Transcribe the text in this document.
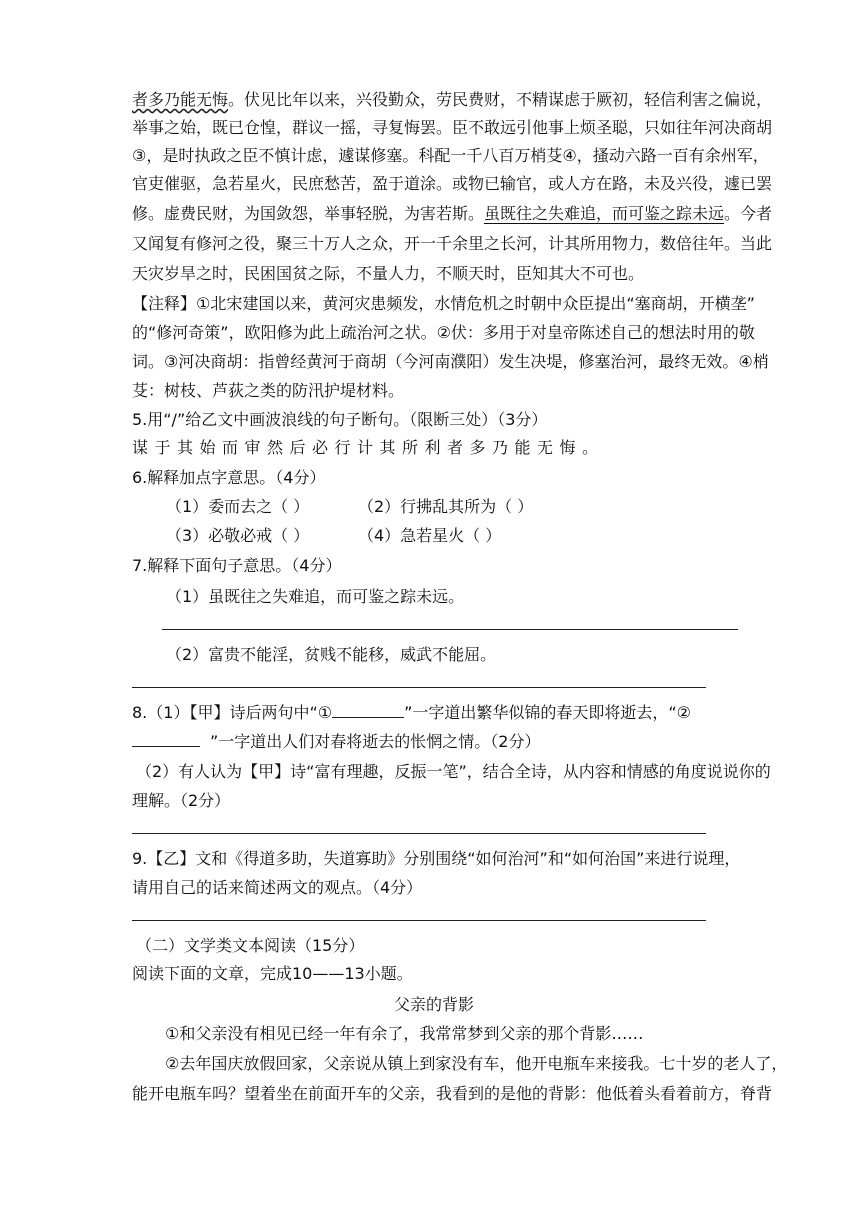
者多乃能无悔。伏见比年以来，兴役勤众，劳民费财，不精谋虑于厥初，轻信利害之偏说，
举事之始，既已仓惶，群议一摇，寻复悔罢。臣不敢远引他事上烦圣聪，只如往年河决商胡
③，是时执政之臣不慎计虑，遽谋修塞。科配一千八百万梢芟④，搔动六路一百有余州军，
官吏催驱，急若星火，民庶愁苦，盈于道涂。或物已输官，或人方在路，未及兴役，遽已罢
修。虚费民财，为国敛怨，举事轻脱，为害若斯。虽既往之失难追，而可鉴之踪未远。今者
又闻复有修河之役，聚三十万人之众，开一千余里之长河，计其所用物力，数倍往年。当此
天灾岁旱之时，民困国贫之际，不量人力，不顺天时，臣知其大不可也。
【注释】①北宋建国以来，黄河灾患频发，水情危机之时朝中众臣提出“塞商胡，开横垄”
的“修河奇策”，欧阳修为此上疏治河之状。②伏：多用于对皇帝陈述自己的想法时用的敬
词。③河决商胡：指曾经黄河于商胡（今河南濮阳）发生决堤，修塞治河，最终无效。④梢
芟：树枝、芦荻之类的防汛护堤材料。
5.用“/”给乙文中画波浪线的句子断句。（限断三处）（3分）
谋于其始而审然后必行计其所利者多乃能无悔。
6.解释加点字意思。（4分）
（1）委而去之（ ）	（2）行拂乱其所为（ ）
（3）必敬必戒（ ）	（4）急若星火（ ）
7.解释下面句子意思。（4分）
（1）虽既往之失难追，而可鉴之踪未远。
（2）富贵不能淫，贫贱不能移，威武不能屈。
8.（1）【甲】诗后两句中“①	”一字道出繁华似锦的春天即将逝去，“②
”一字道出人们对春将逝去的怅惘之情。（2分）
（2）有人认为【甲】诗“富有理趣，反振一笔”，结合全诗，从内容和情感的角度说说你的
理解。（2分）
9.【乙】文和《得道多助，失道寡助》分别围绕“如何治河”和“如何治国”来进行说理，
请用自己的话来简述两文的观点。（4分）
（二）文学类文本阅读（15分）
阅读下面的文章，完成10——13小题。
父亲的背影
①和父亲没有相见已经一年有余了，我常常梦到父亲的那个背影……
②去年国庆放假回家，父亲说从镇上到家没有车，他开电瓶车来接我。七十岁的老人了，
能开电瓶车吗？望着坐在前面开车的父亲，我看到的是他的背影：他低着头看着前方，脊背
